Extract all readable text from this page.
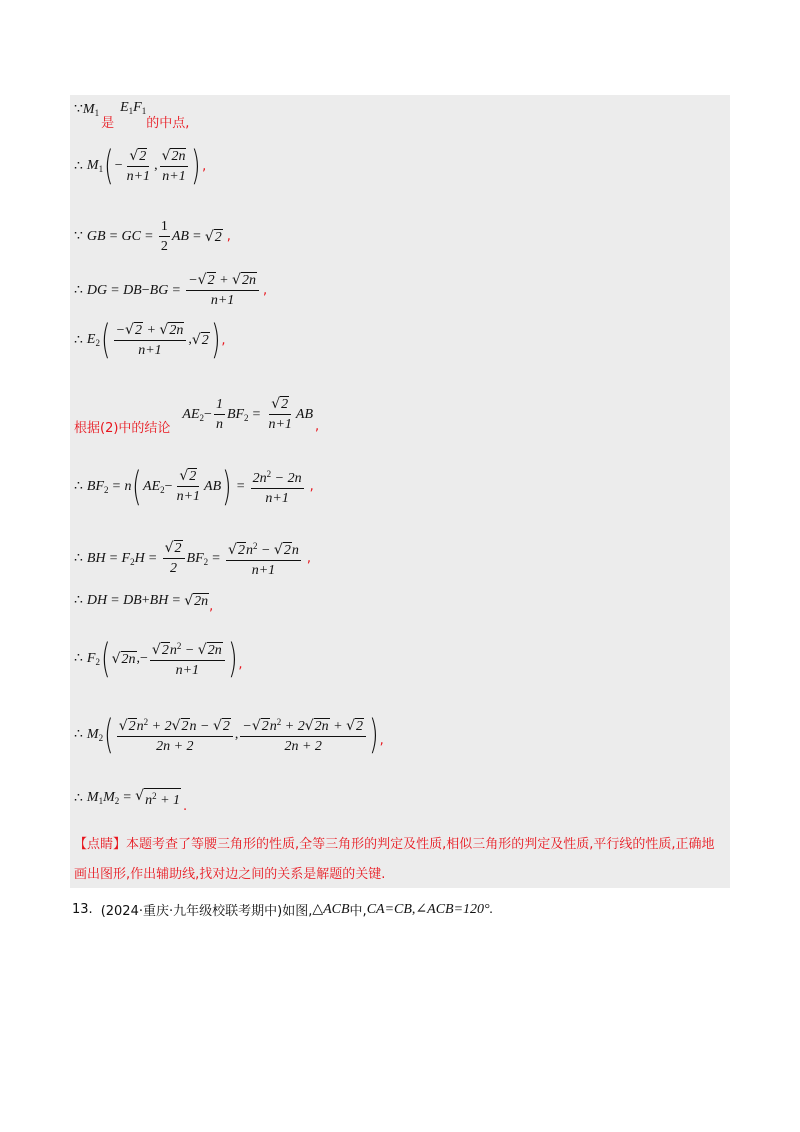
∵ $M_1$
是
$E_1F_1$
的中点,
∴ $M_1$ ( − $\frac{√ 2}{n+1}$ , $\frac{√ 2n}{n+1}$ ) ,
∵ GB = GC = $\frac{1}{2}$ AB = √ 2 ,
∴ DG = DB − BG = $\frac{- √ 2 + √ 2n}{n+1}$ ,
∴ $E_2$ ( $\frac{- √ 2 + √ 2n}{n+1}$ , √ 2 ) ,
根据(2)中的结论
$AE_2 - \frac{1}{n} BF_2 = \frac{√ 2}{n+1}$ AB
,
∴ $BF_2 = n$ ( $AE_2 - \frac{√ 2}{n+1}$ AB ) = $\frac{2n^2 - 2n}{n+1}$ ,
∴ BH = $F_2H = \frac{√ 2}{2} BF_2 = \frac{√ 2 n^2 - √ 2 n}{n+1}$ ,
∴ DH = DB + BH = √ 2n ,
∴ $F_2$ ( √ 2n ,− $\frac{√ 2 n^2 - √ 2n}{n+1}$ ) ,
∴ $M_2$ ( $\frac{√ 2 n^2 + 2 √ 2 n - √ 2}{2n + 2}$ , $\frac{- √ 2 n^2 + 2 √ 2n + √ 2}{2n + 2}$ ) ,
∴ $M_1M_2$ = √ $n^2 + 1$ .
【点睛】本题考查了等腰三角形的性质,全等三角形的判定及性质,相似三角形的判定及性质,平行线的性质,正确地画出图形,作出辅助线,找对边之间的关系是解题的关键.
13. (2024·重庆·九年级校联考期中) 如图, △ACB 中, CA=CB,∠ACB=120°.
